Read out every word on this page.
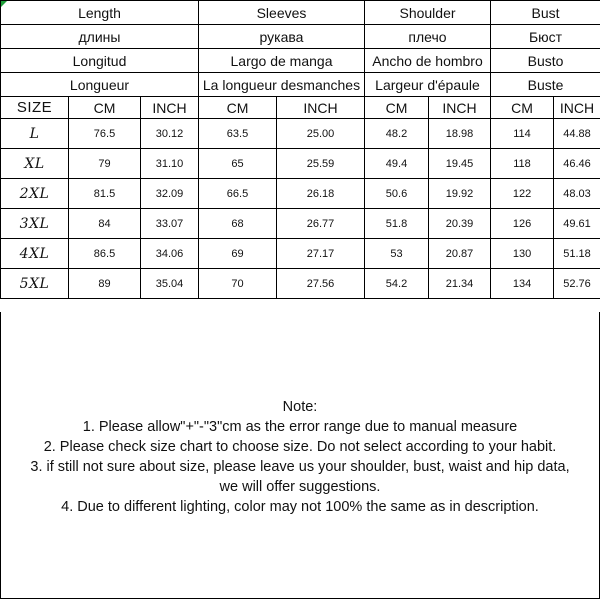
Length			Sleeves		Shoulder		Bust	
длины			рукава		плечо		Бюст	
Longitud			Largo de manga		Ancho de hombro		Busto	
Longueur			La longueur desmanches		Largeur d'épaule		Buste	
SIZE	CM	INCH	CM	INCH	CM	INCH	CM	INCH
L	76.5	30.12	63.5	25.00	48.2	18.98	114	44.88
XL	79	31.10	65	25.59	49.4	19.45	118	46.46
2XL	81.5	32.09	66.5	26.18	50.6	19.92	122	48.03
3XL	84	33.07	68	26.77	51.8	20.39	126	49.61
4XL	86.5	34.06	69	27.17	53	20.87	130	51.18
5XL	89	35.04	70	27.56	54.2	21.34	134	52.76
Note:
1. Please allow"+"-"3"cm as the error range due to manual measure
2. Please check size chart to choose size. Do not select according to your habit.
3. if still not sure about size, please leave us your shoulder, bust, waist and hip data,
we will offer suggestions.
4. Due to different lighting, color may not 100% the same as in description.
